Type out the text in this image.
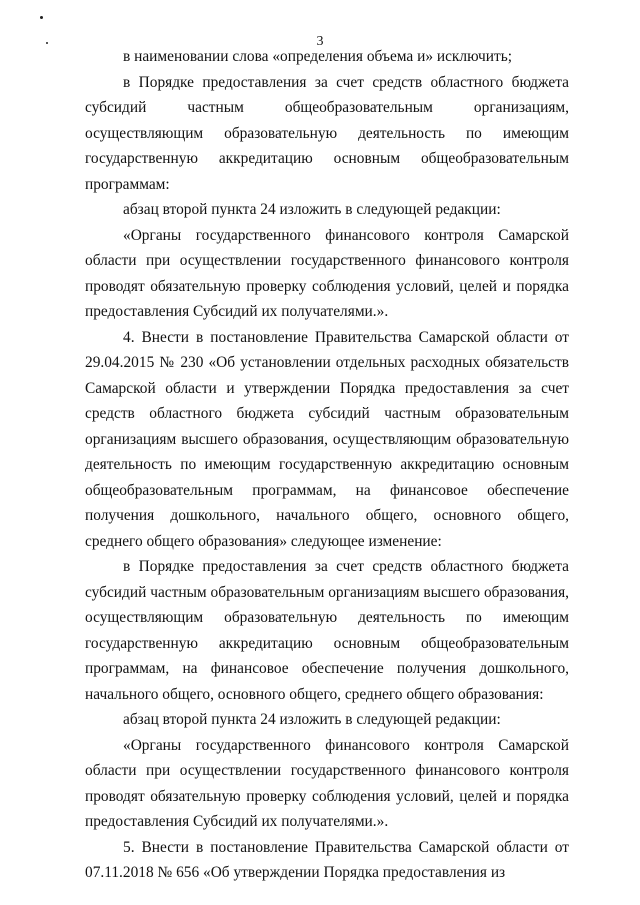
3

в наименовании слова «определения объема и» исключить;

в Порядке предоставления за счет средств областного бюджета субсидий частным общеобразовательным организациям, осуществляющим образовательную деятельность по имеющим государственную аккредитацию основным общеобразовательным программам:

абзац второй пункта 24 изложить в следующей редакции:

«Органы государственного финансового контроля Самарской области при осуществлении государственного финансового контроля проводят обязательную проверку соблюдения условий, целей и порядка предоставления Субсидий их получателями.».

4. Внести в постановление Правительства Самарской области от 29.04.2015 № 230 «Об установлении отдельных расходных обязательств Самарской области и утверждении Порядка предоставления за счет средств областного бюджета субсидий частным образовательным организациям высшего образования, осуществляющим образовательную деятельность по имеющим государственную аккредитацию основным общеобразовательным программам, на финансовое обеспечение получения дошкольного, начального общего, основного общего, среднего общего образования» следующее изменение:

в Порядке предоставления за счет средств областного бюджета субсидий частным образовательным организациям высшего образования, осуществляющим образовательную деятельность по имеющим государственную аккредитацию основным общеобразовательным программам, на финансовое обеспечение получения дошкольного, начального общего, основного общего, среднего общего образования:

абзац второй пункта 24 изложить в следующей редакции:

«Органы государственного финансового контроля Самарской области при осуществлении государственного финансового контроля проводят обязательную проверку соблюдения условий, целей и порядка предоставления Субсидий их получателями.».

5. Внести в постановление Правительства Самарской области от 07.11.2018 № 656 «Об утверждении Порядка предоставления из
